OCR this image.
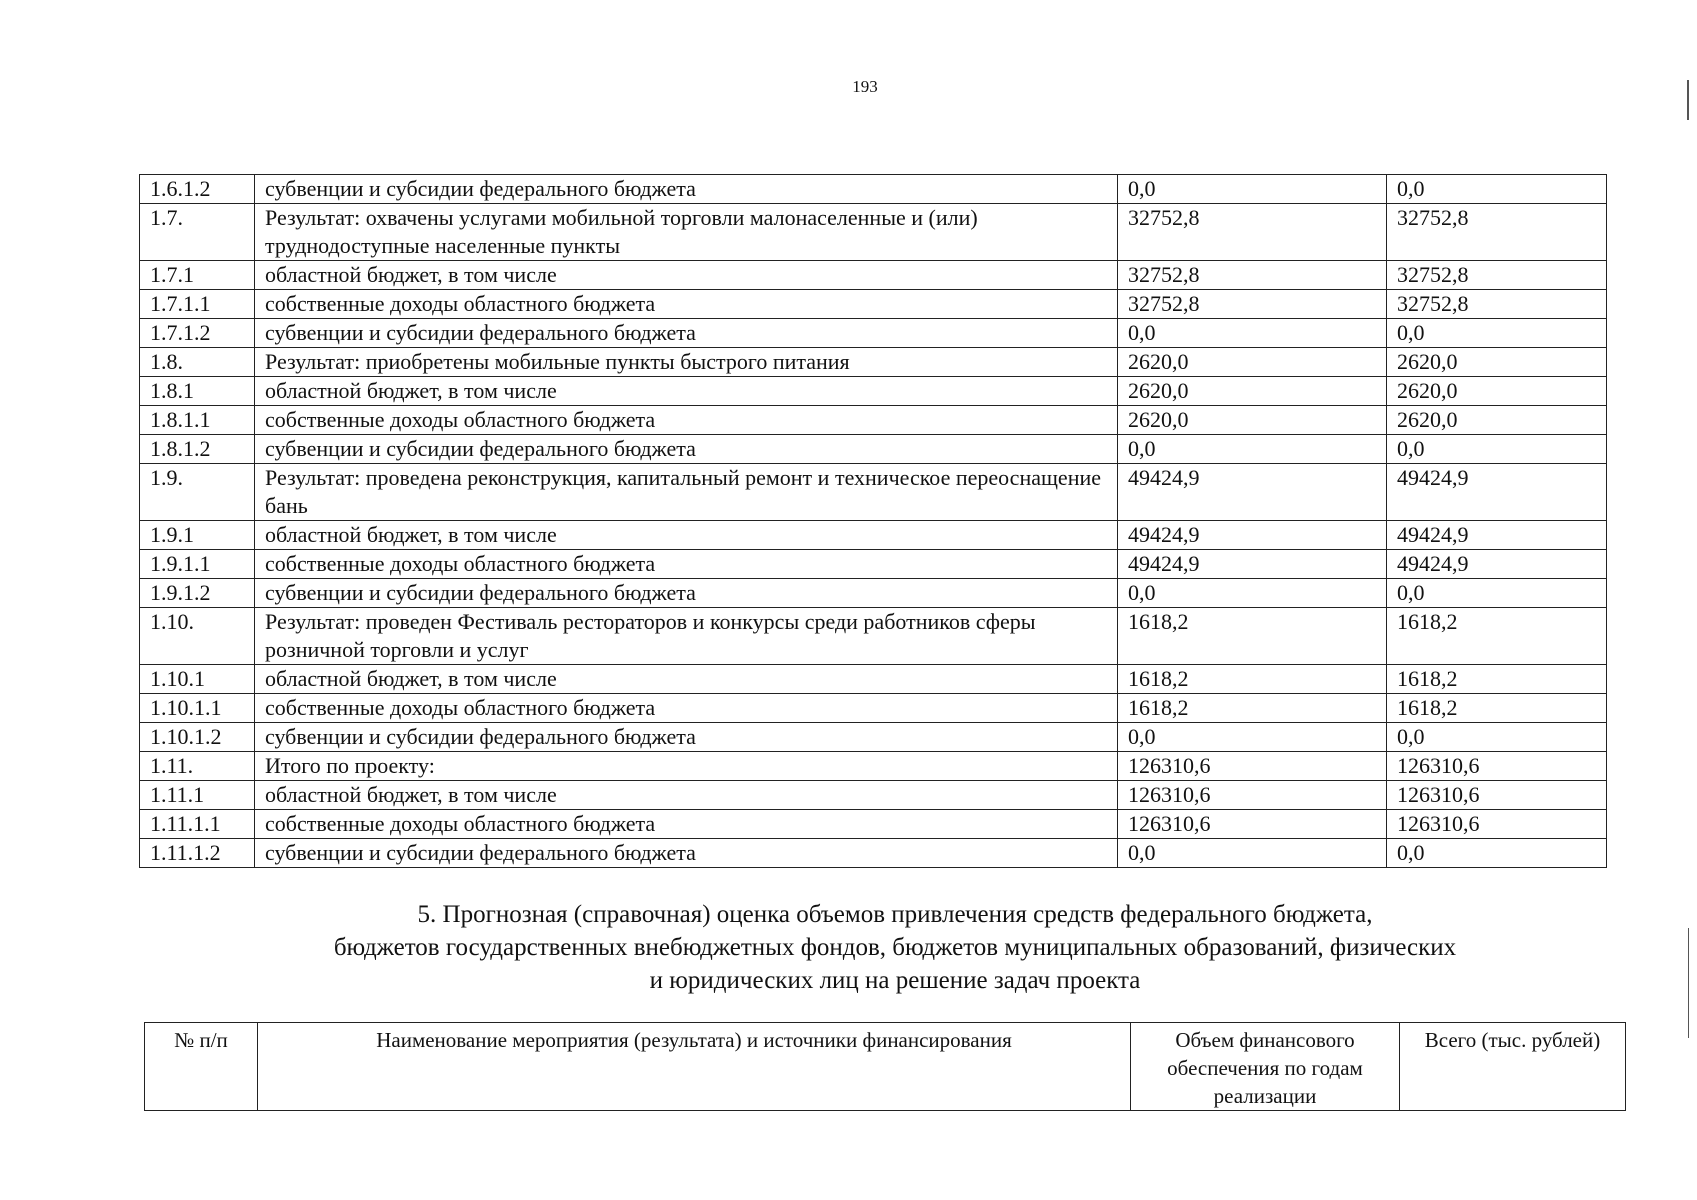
193
1.6.1.2	субвенции и субсидии федерального бюджета	0,0	0,0
1.7.	Результат: охвачены услугами мобильной торговли малонаселенные и (или) труднодоступные населенные пункты	32752,8	32752,8
1.7.1	областной бюджет, в том числе	32752,8	32752,8
1.7.1.1	собственные доходы областного бюджета	32752,8	32752,8
1.7.1.2	субвенции и субсидии федерального бюджета	0,0	0,0
1.8.	Результат: приобретены мобильные пункты быстрого питания	2620,0	2620,0
1.8.1	областной бюджет, в том числе	2620,0	2620,0
1.8.1.1	собственные доходы областного бюджета	2620,0	2620,0
1.8.1.2	субвенции и субсидии федерального бюджета	0,0	0,0
1.9.	Результат: проведена реконструкция, капитальный ремонт и техническое переоснащение бань	49424,9	49424,9
1.9.1	областной бюджет, в том числе	49424,9	49424,9
1.9.1.1	собственные доходы областного бюджета	49424,9	49424,9
1.9.1.2	субвенции и субсидии федерального бюджета	0,0	0,0
1.10.	Результат: проведен Фестиваль рестораторов и конкурсы среди работников сферы розничной торговли и услуг	1618,2	1618,2
1.10.1	областной бюджет, в том числе	1618,2	1618,2
1.10.1.1	собственные доходы областного бюджета	1618,2	1618,2
1.10.1.2	субвенции и субсидии федерального бюджета	0,0	0,0
1.11.	Итого по проекту:	126310,6	126310,6
1.11.1	областной бюджет, в том числе	126310,6	126310,6
1.11.1.1	собственные доходы областного бюджета	126310,6	126310,6
1.11.1.2	субвенции и субсидии федерального бюджета	0,0	0,0
5. Прогнозная (справочная) оценка объемов привлечения средств федерального бюджета,
бюджетов государственных внебюджетных фондов, бюджетов муниципальных образований, физических
и юридических лиц на решение задач проекта
№ п/п	Наименование мероприятия (результата) и источники финансирования	Объем финансового обеспечения по годам реализации	Всего (тыс. рублей)
